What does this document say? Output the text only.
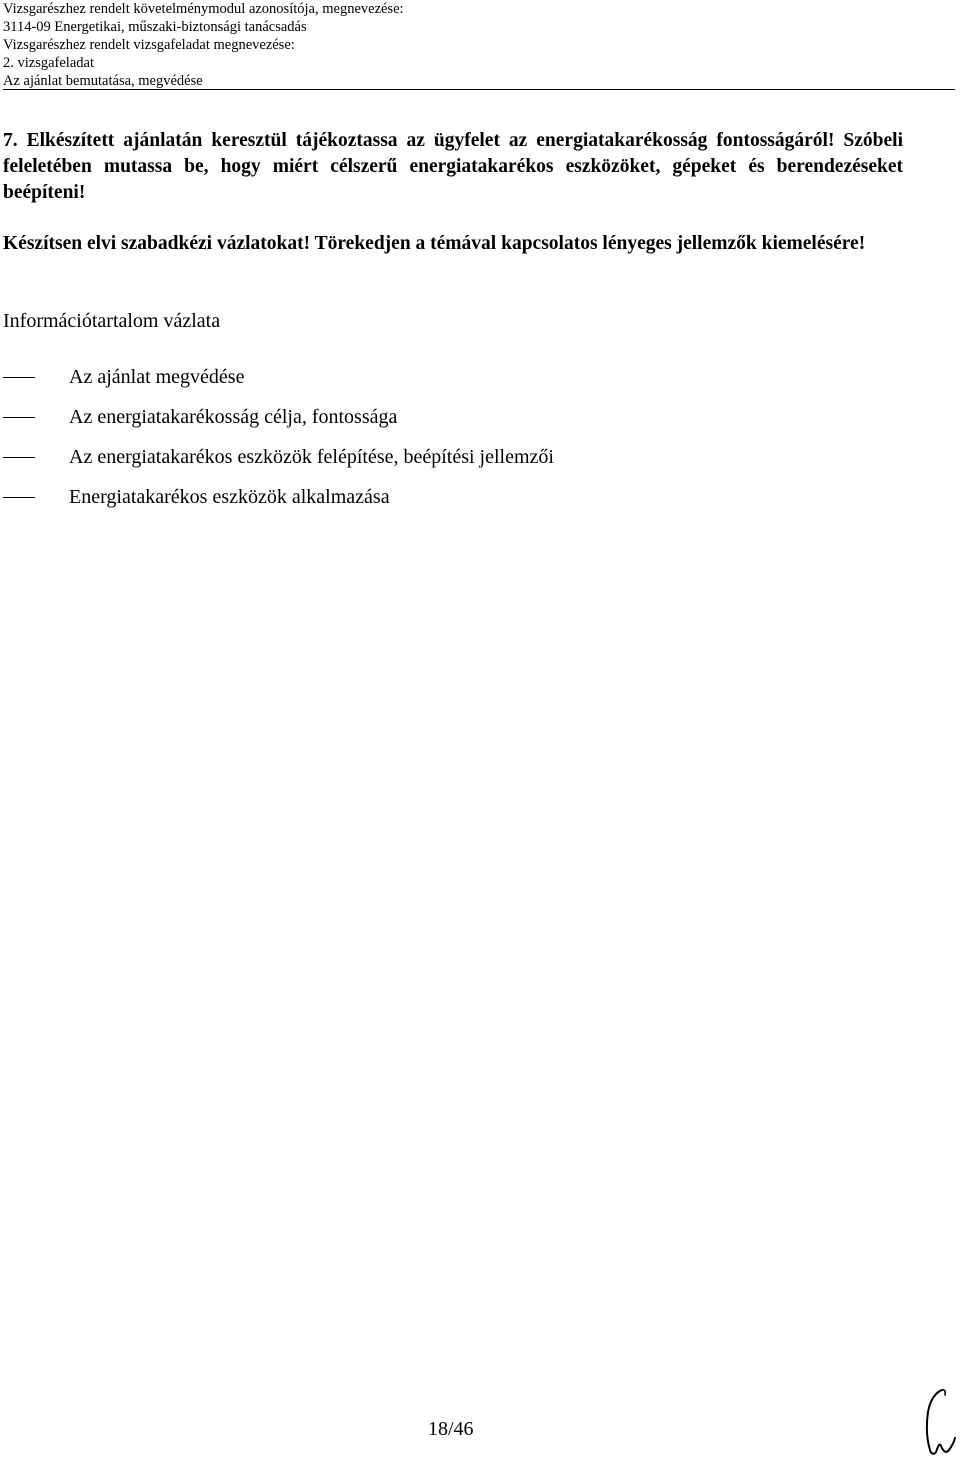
Vizsgarészhez rendelt követelménymodul azonosítója, megnevezése:
3114-09 Energetikai, műszaki-biztonsági tanácsadás
Vizsgarészhez rendelt vizsgafeladat megnevezése:
2. vizsgafeladat
Az ajánlat bemutatása, megvédése

7. Elkészített ajánlatán keresztül tájékoztassa az ügyfelet az energiatakarékosság fontosságáról! Szóbeli feleletében mutassa be, hogy miért célszerű energiatakarékos eszközöket, gépeket és berendezéseket beépíteni!

Készítsen elvi szabadkézi vázlatokat! Törekedjen a témával kapcsolatos lényeges jellemzők kiemelésére!

Információtartalom vázlata

Az ajánlat megvédése
Az energiatakarékosság célja, fontossága
Az energiatakarékos eszközök felépítése, beépítési jellemzői
Energiatakarékos eszközök alkalmazása
18/46
